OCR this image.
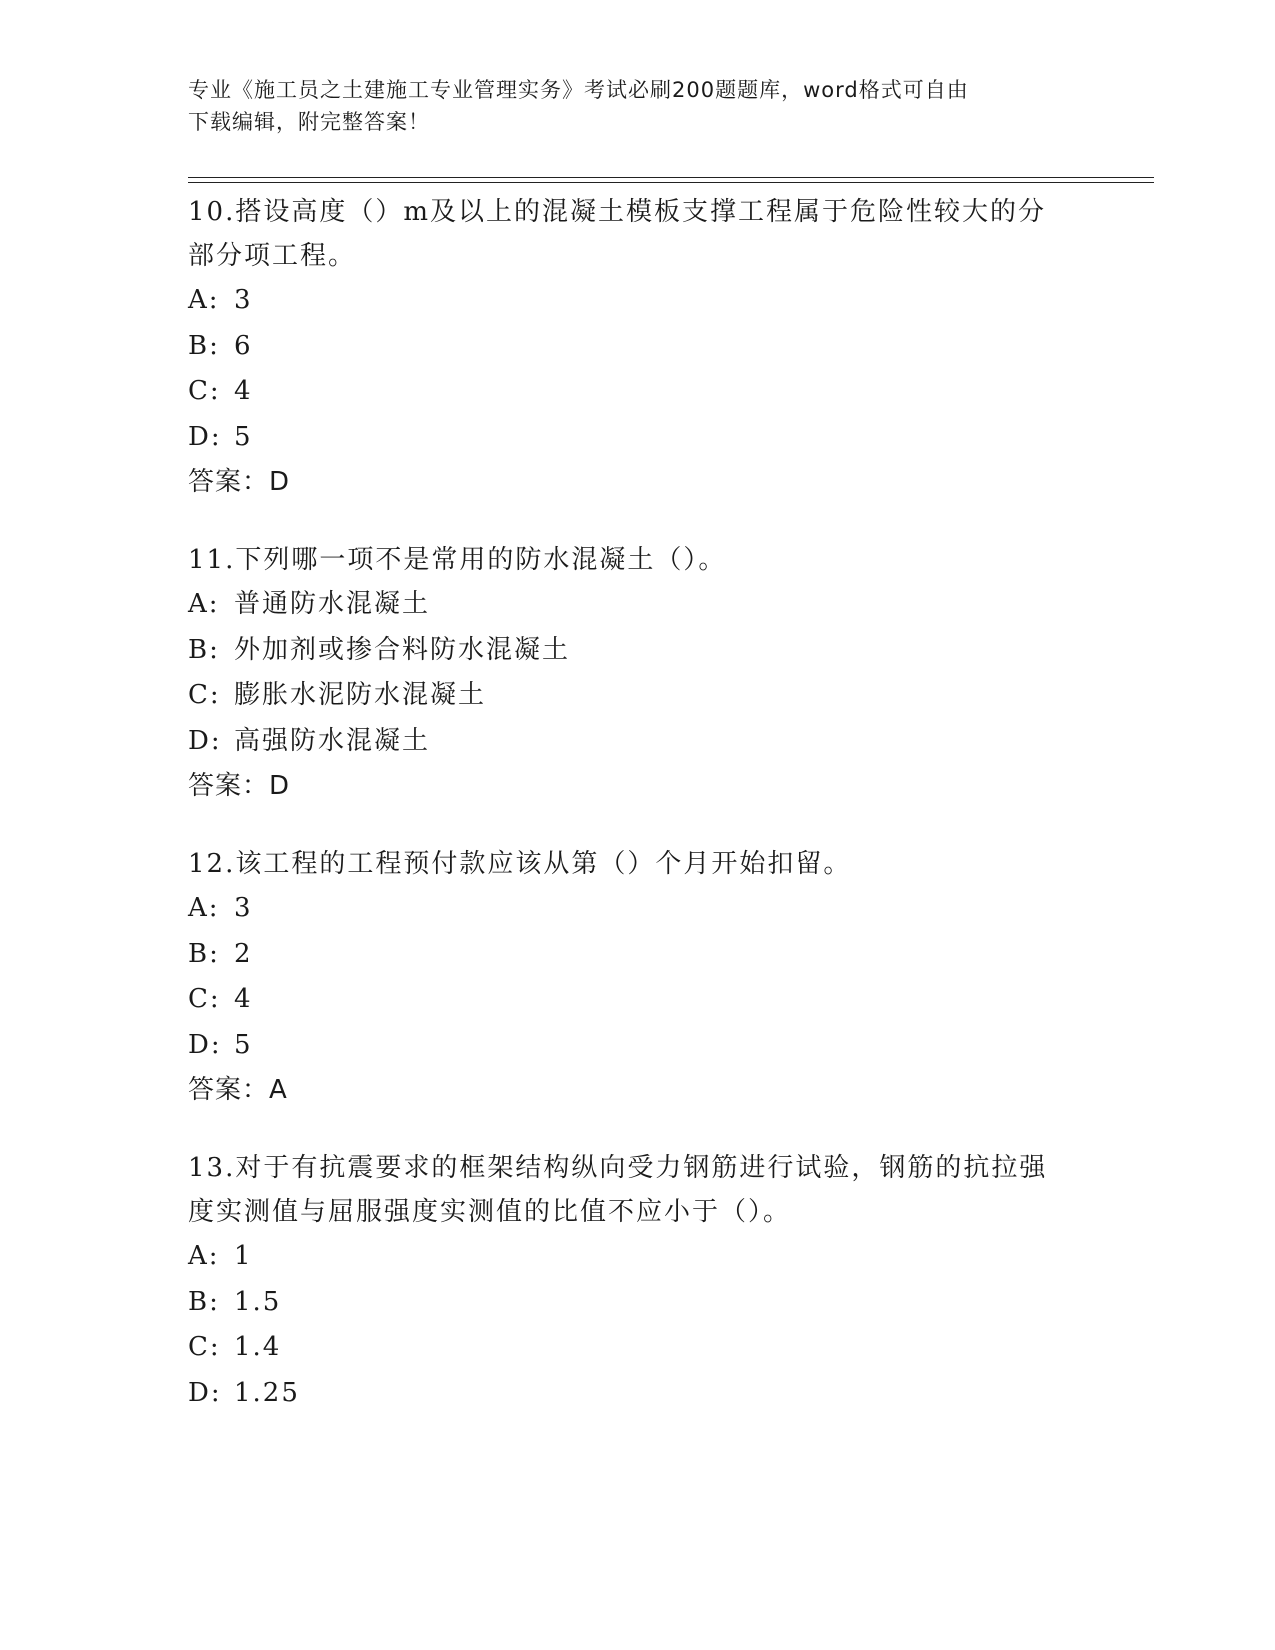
专业《施工员之土建施工专业管理实务》考试必刷200题题库，word格式可自由
下载编辑，附完整答案！

10.搭设高度（）m及以上的混凝土模板支撑工程属于危险性较大的分

部分项工程。

A: 3

B: 6

C: 4

D: 5

答案：D

11.下列哪一项不是常用的防水混凝土（）。

A: 普通防水混凝土

B: 外加剂或掺合料防水混凝土

C: 膨胀水泥防水混凝土

D: 高强防水混凝土

答案：D

12.该工程的工程预付款应该从第（）个月开始扣留。

A: 3

B: 2

C: 4

D: 5

答案：A

13.对于有抗震要求的框架结构纵向受力钢筋进行试验，钢筋的抗拉强

度实测值与屈服强度实测值的比值不应小于（）。

A: 1

B: 1.5

C: 1.4

D: 1.25
